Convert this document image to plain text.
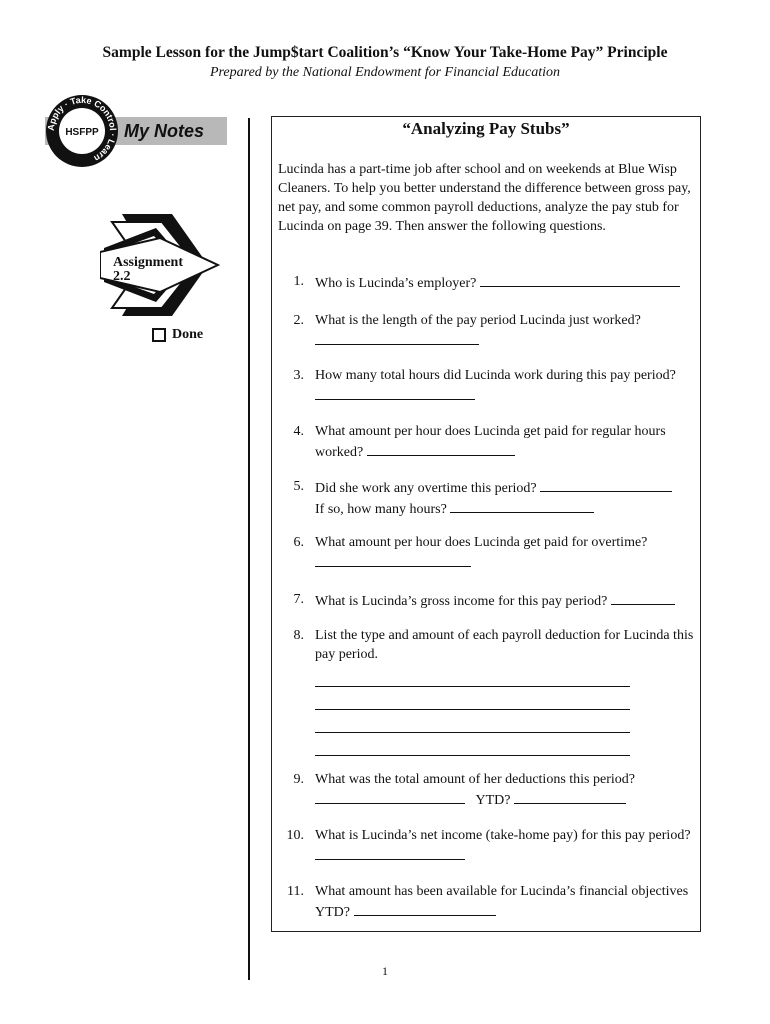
Sample Lesson for the Jump$tart Coalition’s “Know Your Take-Home Pay” Principle
Prepared by the National Endowment for Financial Education
HSFPP
Apply · Take Control · Learn
My Notes
Assignment
2.2
Done
“Analyzing Pay Stubs”
Lucinda has a part-time job after school and on weekends at Blue Wisp Cleaners. To help you better understand the difference between gross pay, net pay, and some common payroll deductions, analyze the pay stub for Lucinda on page 39. Then answer the following questions.
1. Who is Lucinda’s employer?
2. What is the length of the pay period Lucinda just worked?

3. How many total hours did Lucinda work during this pay period?
4. What amount per hour does Lucinda get paid for regular hours worked?
5. Did she work any overtime this period?
If so, how many hours?
6. What amount per hour does Lucinda get paid for overtime?

7. What is Lucinda’s gross income for this pay period?
8. List the type and amount of each payroll deduction for Lucinda this pay period.
9. What was the total amount of her deductions this period?
YTD?
10. What is Lucinda’s net income (take-home pay) for this pay period?
11. What amount has been available for Lucinda’s financial objectives YTD?
1
